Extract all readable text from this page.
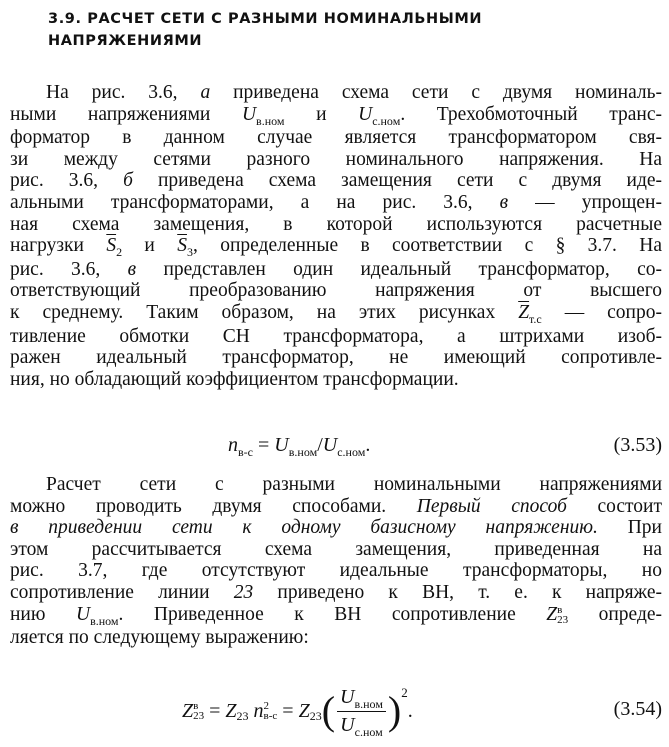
3.9. РАСЧЕТ СЕТИ С РАЗНЫМИ НОМИНАЛЬНЫМИ
НАПРЯЖЕНИЯМИ
На рис. 3.6, а приведена схема сети с двумя номиналь-
ными напряжениями $U_{в.ном}$ и $U_{с.ном}$. Трехобмоточный транс-
форматор в данном случае является трансформатором свя-
зи между сетями разного номинального напряжения. На
рис. 3.6, б приведена схема замещения сети с двумя иде-
альными трансформаторами, а на рис. 3.6, в — упрощен-
ная схема замещения, в которой используются расчетные
нагрузки $\overline{S}_2$ и $\overline{S}_3$, определенные в соответствии с § 3.7. На
рис. 3.6, в представлен один идеальный трансформатор, со-
ответствующий преобразованию напряжения от высшего
к среднему. Таким образом, на этих рисунках $\overline{Z}_{т.с}$ — сопро-
тивление обмотки СН трансформатора, а штрихами изоб-
ражен идеальный трансформатор, не имеющий сопротивле-
ния, но обладающий коэффициентом трансформации.
$n_{в-с} = U_{в.ном}/U_{с.ном}$.	(3.53)
Расчет сети с разными номинальными напряжениями
можно проводить двумя способами. Первый способ состоит
в приведении сети к одному базисному напряжению. При
этом рассчитывается схема замещения, приведенная на
рис. 3.7, где отсутствуют идеальные трансформаторы, но
сопротивление линии 23 приведено к ВН, т. е. к напряже-
нию $U_{в.ном}$. Приведенное к ВН сопротивление Z в
23 опреде-
ляется по следующему выражению:
Z в
23
=
Z 23
n 2
в-с
=
Z 23 ( $\frac{U_{в.ном}}{U_{с.ном}}$ ) 2
.	(3.54)
